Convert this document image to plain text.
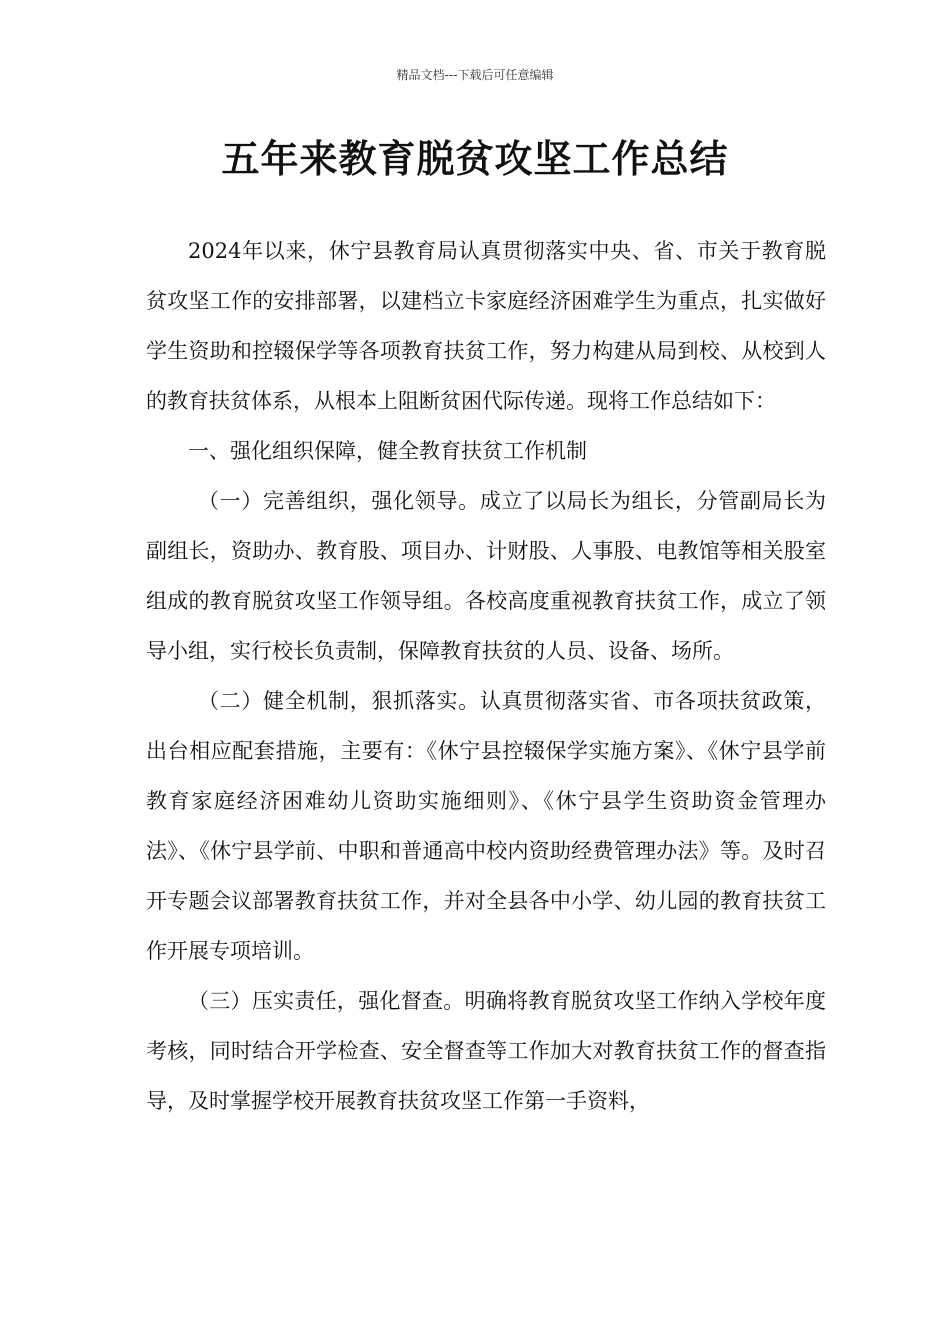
精品文档---下载后可任意编辑
五年来教育脱贫攻坚工作总结

2024年以来，休宁县教育局认真贯彻落实中央、省、市关于教育脱贫攻坚工作的安排部署，以建档立卡家庭经济困难学生为重点，扎实做好学生资助和控辍保学等各项教育扶贫工作，努力构建从局到校、从校到人的教育扶贫体系，从根本上阻断贫困代际传递。现将工作总结如下：

一、强化组织保障，健全教育扶贫工作机制

（一）完善组织，强化领导。成立了以局长为组长，分管副局长为副组长，资助办、教育股、项目办、计财股、人事股、电教馆等相关股室组成的教育脱贫攻坚工作领导组。各校高度重视教育扶贫工作，成立了领导小组，实行校长负责制，保障教育扶贫的人员、设备、场所。

（二）健全机制，狠抓落实。认真贯彻落实省、市各项扶贫政策，出台相应配套措施，主要有：《休宁县控辍保学实施方案》、《休宁县学前教育家庭经济困难幼儿资助实施细则》、《休宁县学生资助资金管理办法》、《休宁县学前、中职和普通高中校内资助经费管理办法》等。及时召开专题会议部署教育扶贫工作，并对全县各中小学、幼儿园的教育扶贫工作开展专项培训。

（三）压实责任，强化督查。明确将教育脱贫攻坚工作纳入学校年度考核，同时结合开学检查、安全督查等工作加大对教育扶贫工作的督查指导，及时掌握学校开展教育扶贫攻坚工作第一手资料，
